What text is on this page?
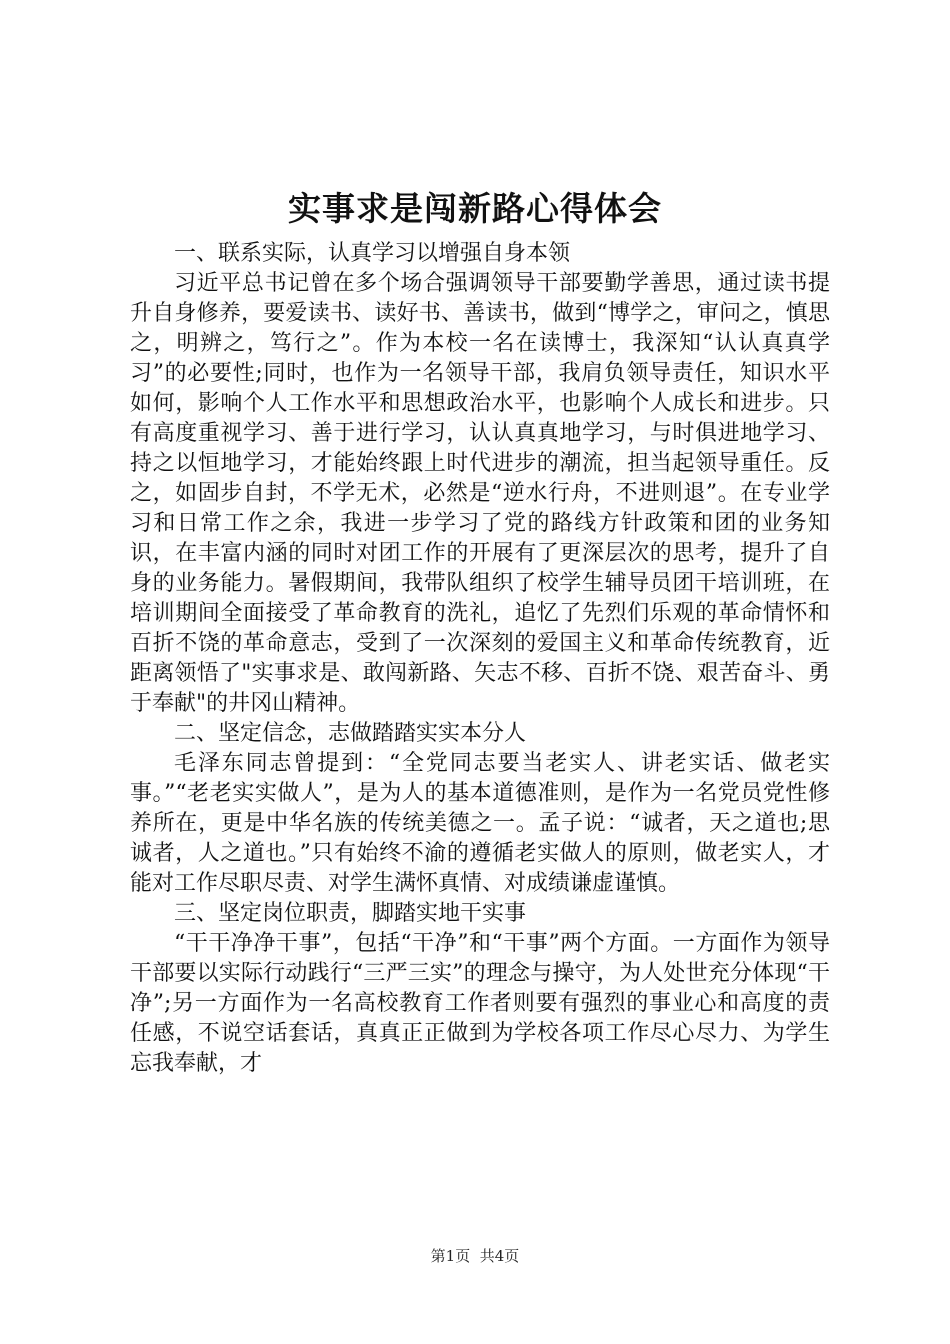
实事求是闯新路心得体会

一、联系实际，认真学习以增强自身本领

习近平总书记曾在多个场合强调领导干部要勤学善思，通过读书提升自身修养，要爱读书、读好书、善读书，做到“博学之，审问之，慎思之，明辨之，笃行之”。作为本校一名在读博士，我深知“认认真真学习”的必要性;同时，也作为一名领导干部，我肩负领导责任，知识水平如何，影响个人工作水平和思想政治水平，也影响个人成长和进步。只有高度重视学习、善于进行学习，认认真真地学习，与时俱进地学习、持之以恒地学习，才能始终跟上时代进步的潮流，担当起领导重任。反之，如固步自封，不学无术，必然是“逆水行舟，不进则退”。在专业学习和日常工作之余，我进一步学习了党的路线方针政策和团的业务知识，在丰富内涵的同时对团工作的开展有了更深层次的思考，提升了自身的业务能力。暑假期间，我带队组织了校学生辅导员团干培训班，在培训期间全面接受了革命教育的洗礼，追忆了先烈们乐观的革命情怀和百折不饶的革命意志，受到了一次深刻的爱国主义和革命传统教育，近距离领悟了"实事求是、敢闯新路、矢志不移、百折不饶、艰苦奋斗、勇于奉献"的井冈山精神。

二、坚定信念，志做踏踏实实本分人

毛泽东同志曾提到：“全党同志要当老实人、讲老实话、做老实事。”“老老实实做人”，是为人的基本道德准则，是作为一名党员党性修养所在，更是中华名族的传统美德之一。孟子说：“诚者，天之道也;思诚者，人之道也。”只有始终不渝的遵循老实做人的原则，做老实人，才能对工作尽职尽责、对学生满怀真情、对成绩谦虚谨慎。

三、坚定岗位职责，脚踏实地干实事

“干干净净干事”，包括“干净”和“干事”两个方面。一方面作为领导干部要以实际行动践行“三严三实”的理念与操守，为人处世充分体现“干净”;另一方面作为一名高校教育工作者则要有强烈的事业心和高度的责任感，不说空话套话，真真正正做到为学校各项工作尽心尽力、为学生忘我奉献，才

第1页 共4页
